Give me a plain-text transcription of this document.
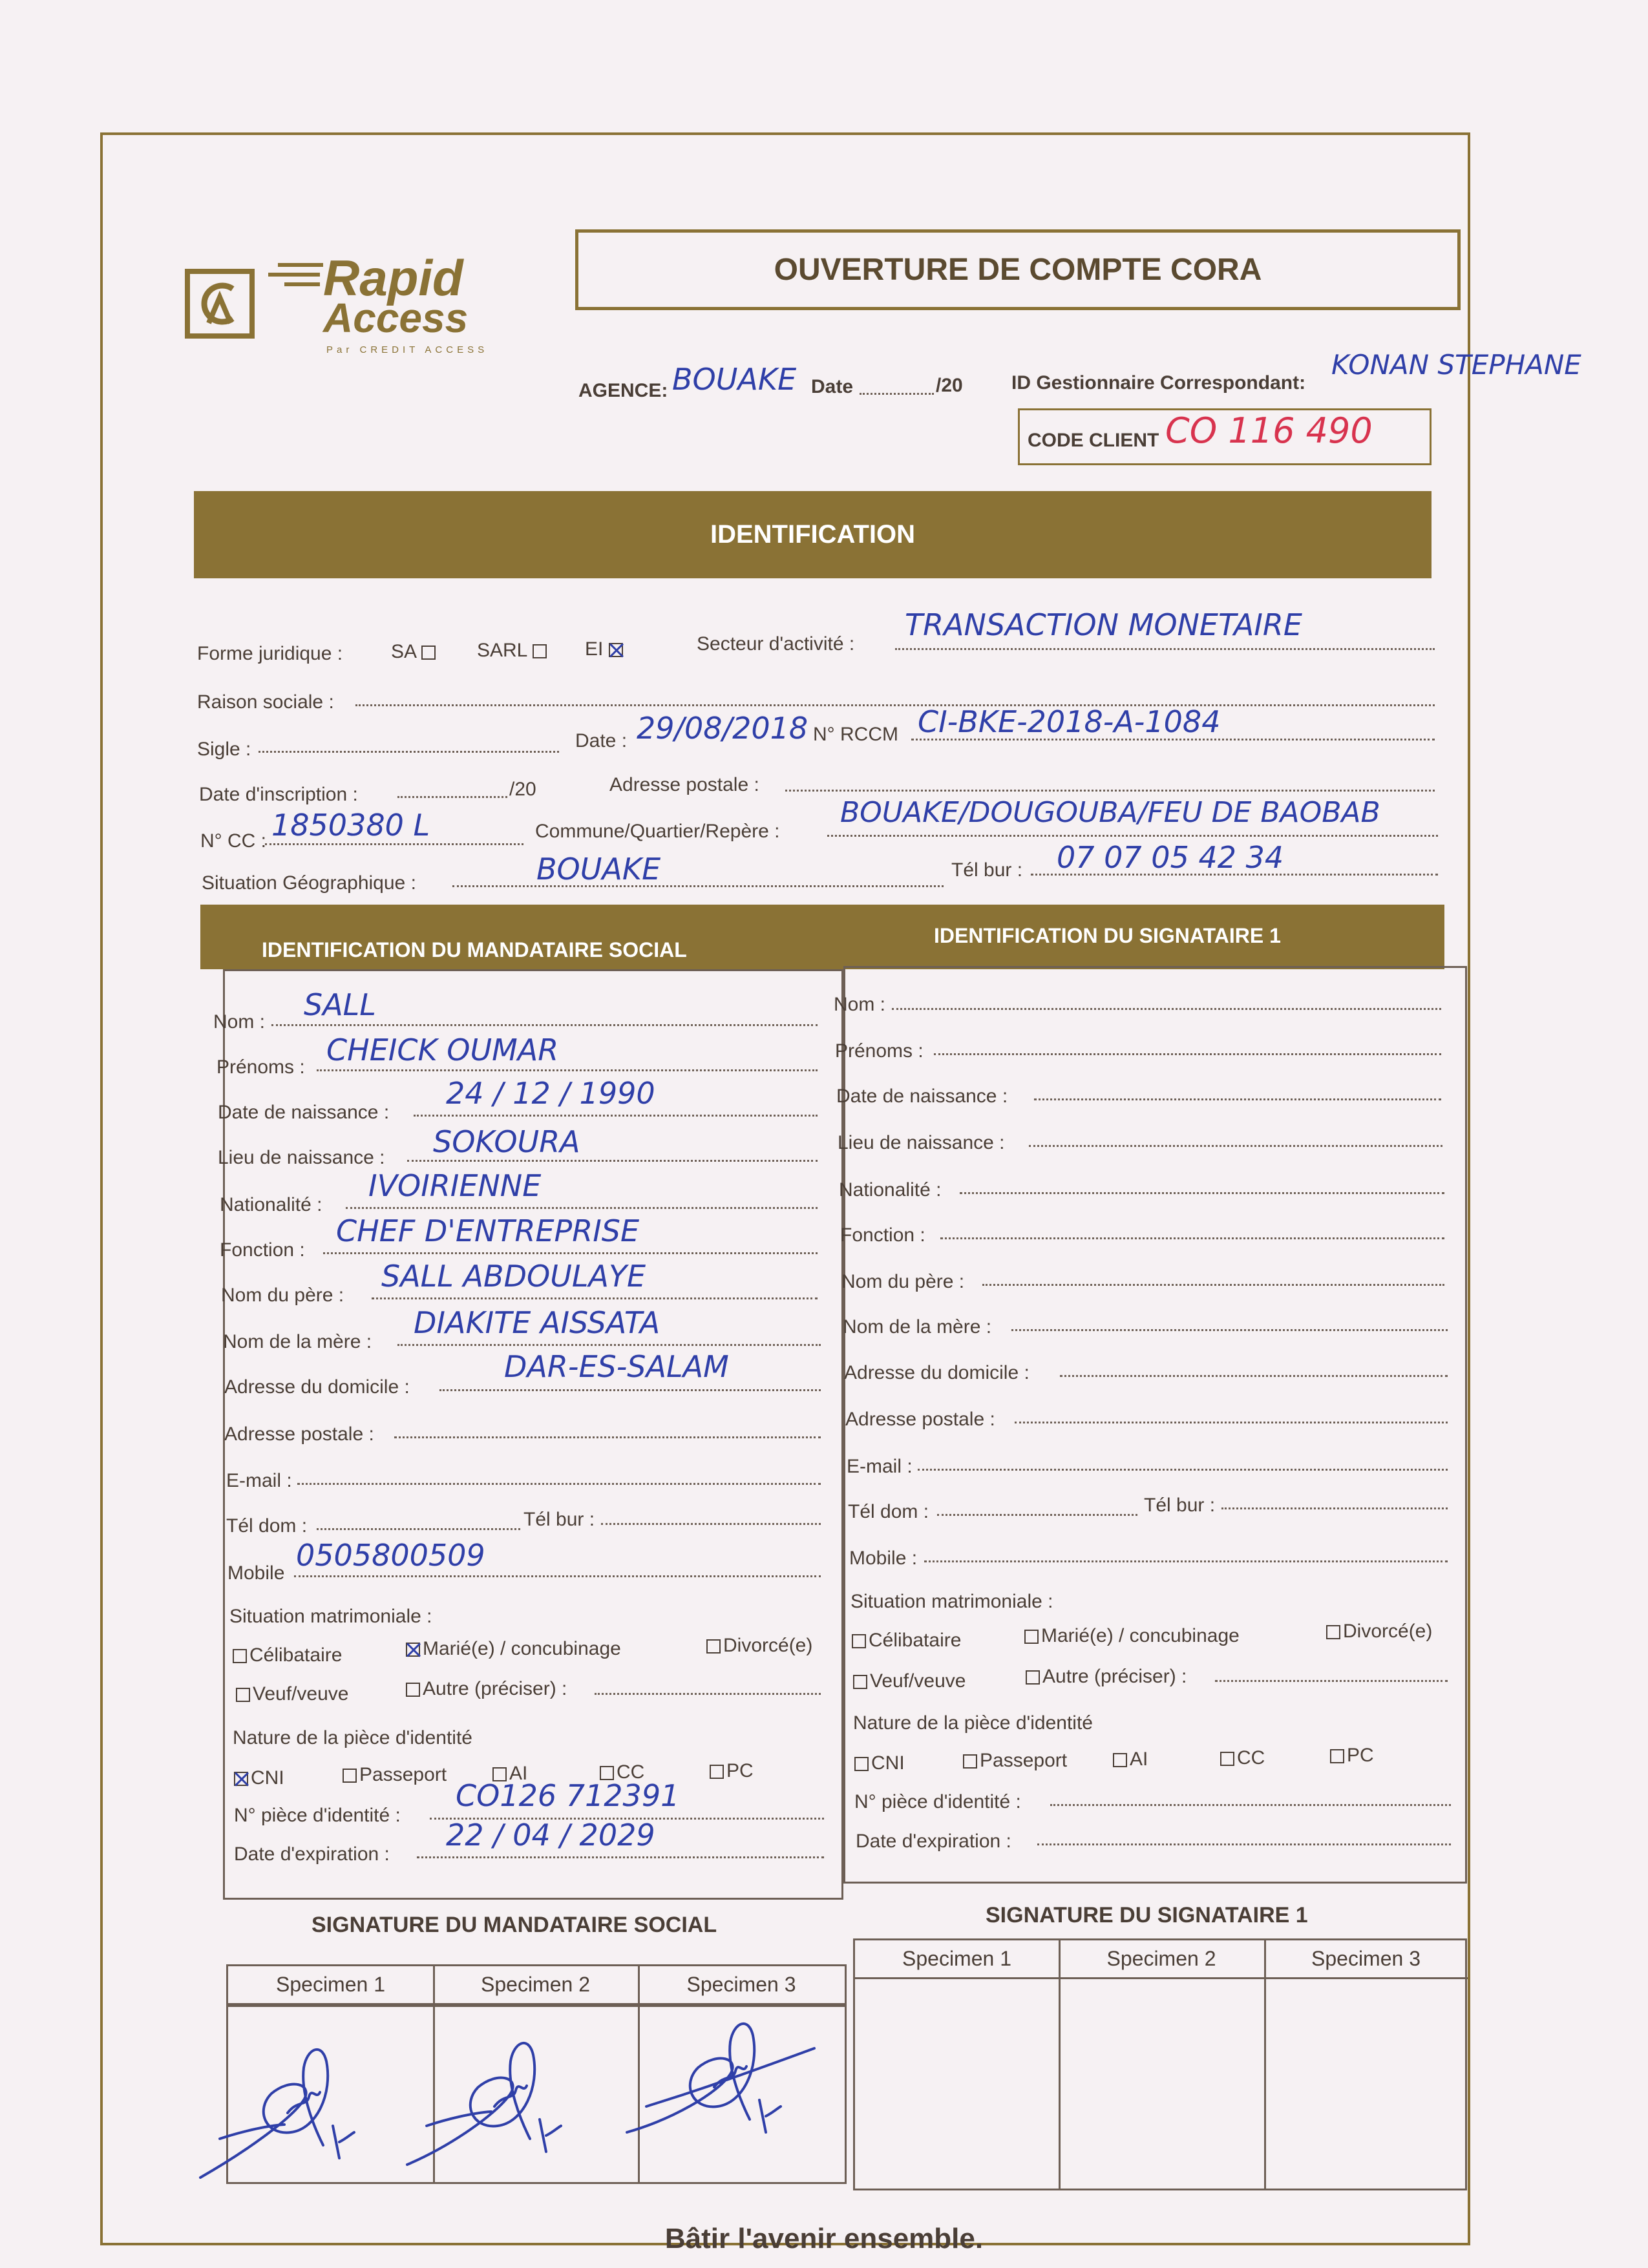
Rapid
Access
Par CREDIT ACCESS
OUVERTURE DE COMPTE CORA
AGENCE: BOUAKE Date	/20	ID Gestionnaire Correspondant:
KONAN STEPHANE
CODE CLIENT CO 116 490
IDENTIFICATION
Forme juridique : SA	SARL	EI	Secteur d'activité :
TRANSACTION MONETAIRE
Raison sociale :
Sigle :	Date : 29/08/2018 N° RCCM CI-BKE-2018-A-1084
Date d'inscription :	/20	Adresse postale :
N° CC : 1850380 L	Commune/Quartier/Repère :
BOUAKE/DOUGOUBA/FEU DE BAOBAB
Situation Géographique :	BOUAKE	Tél bur : 07 07 05 42 34
IDENTIFICATION DU MANDATAIRE SOCIAL
IDENTIFICATION DU SIGNATAIRE 1
Nom : SALL
Prénoms : CHEICK OUMAR
Date de naissance :
24 / 12 / 1990
Lieu de naissance : SOKOURA
Nationalité :
IVOIRIENNE
Fonction :
CHEF D'ENTREPRISE
Nom du père :
SALL ABDOULAYE
Nom de la mère :
DIAKITE AISSATA
Adresse du domicile :
DAR-ES-SALAM
Adresse postale :
E-mail :
Tél dom :	Tél bur :
Mobile
0505800509
Situation matrimoniale :
Célibataire	Marié(e) / concubinage	Divorcé(e)
Veuf/veuve	Autre (préciser) :
Nature de la pièce d'identité
CNI	Passeport	AI	CC	PC
N° pièce d'identité :
CO126 712391
Date d'expiration :
22 / 04 / 2029
Nom :
Prénoms :
Date de naissance :
Lieu de naissance :
Nationalité :
Fonction :
Nom du père :
Nom de la mère :
Adresse du domicile :
Adresse postale :
E-mail :
Tél dom :	Tél bur :
Mobile :
Situation matrimoniale :
Célibataire	Marié(e) / concubinage	Divorcé(e)
Veuf/veuve	Autre (préciser) :
Nature de la pièce d'identité
CNI	Passeport	AI	CC	PC
N° pièce d'identité :
Date d'expiration :
SIGNATURE DU MANDATAIRE SOCIAL	SIGNATURE DU SIGNATAIRE 1
Specimen 1	Specimen 2	Specimen 3
Specimen 1	Specimen 2	Specimen 3
Bâtir l'avenir ensemble.
